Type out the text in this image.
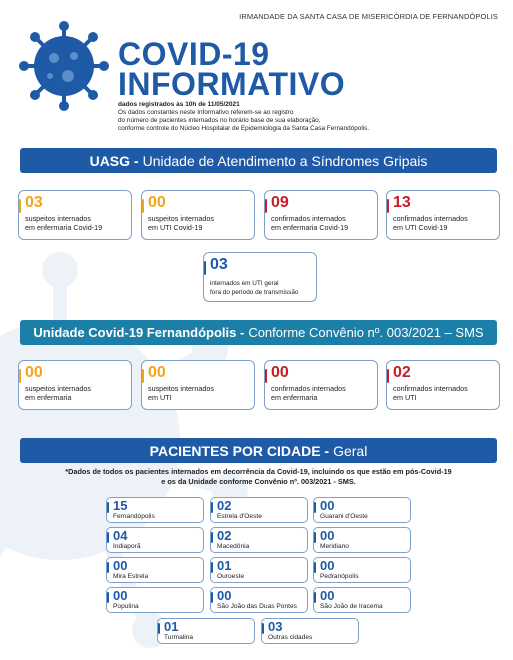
IRMANDADE DA SANTA CASA DE MISERICÓRDIA DE FERNANDÓPOLIS
COVID-19
INFORMATIVO
dados registrados às 10h de 11/05/2021
Os dados constantes neste Informativo referem-se ao registro
do número de pacientes internados no horário base de sua elaboração,
conforme controle do Núcleo Hospitalar de Epidemiologia da Santa Casa Fernandópolis.
UASG - Unidade de Atendimento a Síndromes Gripais
03
suspeitos internados
em enfermaria Covid-19
00
suspeitos internados
em UTI Covid-19
09
confirmados internados
em enfermaria Covid-19
13
confirmados internados
em UTI Covid-19
03
internados em UTI geral
fora do período de transmissão
Unidade Covid-19 Fernandópolis - Conforme Convênio nº. 003/2021 – SMS
00
suspeitos internados
em enfermaria
00
suspeitos internados
em UTI
00
confirmados internados
em enfermaria
02
confirmados internados
em UTI
PACIENTES POR CIDADE - Geral
*Dados de todos os pacientes internados em decorrência da Covid-19, incluindo os que estão em pós-Covid-19
e os da Unidade conforme Convênio nº. 003/2021 - SMS.
15
Fernandópolis
02
Estrela d'Oeste
00
Guarani d'Oeste
04
Indiaporã
02
Macedônia
00
Meridiano
00
Mira Estrela
01
Ouroeste
00
Pedranópolis
00
Populina
00
São João das Duas Pontes
00
São João de Iracema
01
Turmalina
03
Outras cidades
